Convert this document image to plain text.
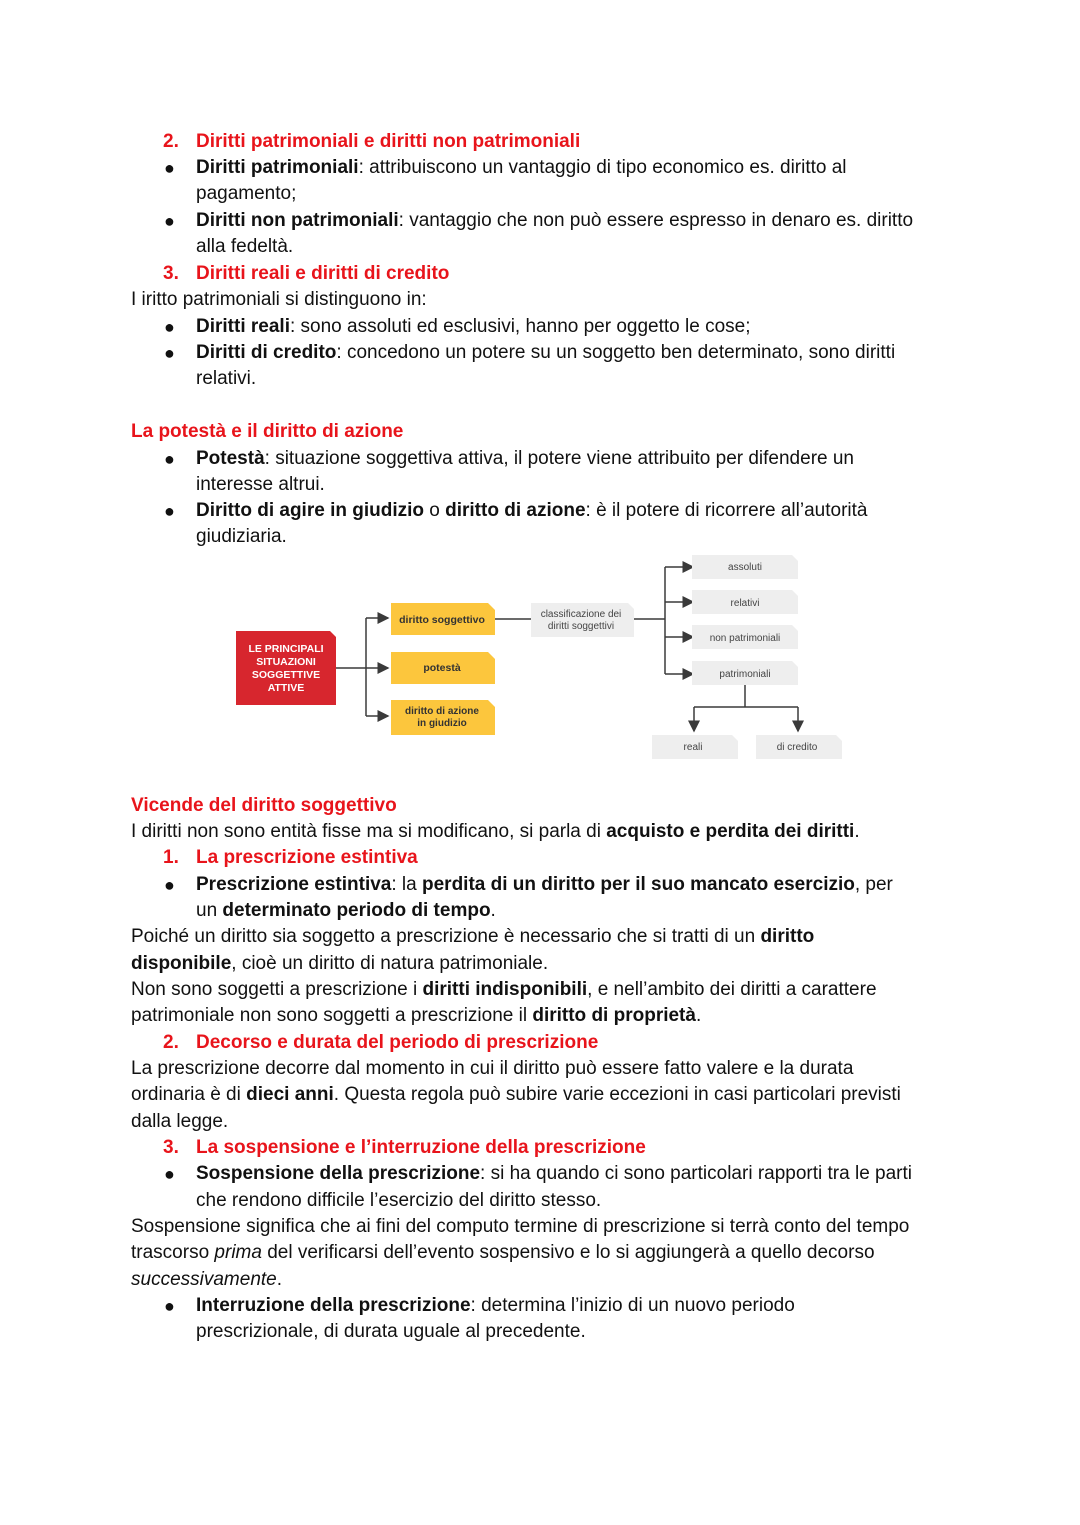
2. Diritti patrimoniali e diritti non patrimoniali
● Diritti patrimoniali: attribuiscono un vantaggio di tipo economico es. diritto al
pagamento;
● Diritti non patrimoniali: vantaggio che non può essere espresso in denaro es. diritto
alla fedeltà.
3. Diritti reali e diritti di credito
I iritto patrimoniali si distinguono in:
● Diritti reali: sono assoluti ed esclusivi, hanno per oggetto le cose;
● Diritti di credito: concedono un potere su un soggetto ben determinato, sono diritti
relativi.
La potestà e il diritto di azione
● Potestà: situazione soggettiva attiva, il potere viene attribuito per difendere un
interesse altrui.
● Diritto di agire in giudizio o diritto di azione: è il potere di ricorrere all’autorità
giudiziaria.
LE PRINCIPALI
SITUAZIONI
SOGGETTIVE
ATTIVE
diritto soggettivo
potestà
diritto di azione
in giudizio
classificazione dei
diritti soggettivi
assoluti
relativi
non patrimoniali
patrimoniali
reali	di credito
Vicende del diritto soggettivo
I diritti non sono entità fisse ma si modificano, si parla di acquisto e perdita dei diritti.
1. La prescrizione estintiva
● Prescrizione estintiva: la perdita di un diritto per il suo mancato esercizio, per
un determinato periodo di tempo.
Poiché un diritto sia soggetto a prescrizione è necessario che si tratti di un diritto
disponibile, cioè un diritto di natura patrimoniale.
Non sono soggetti a prescrizione i diritti indisponibili, e nell’ambito dei diritti a carattere
patrimoniale non sono soggetti a prescrizione il diritto di proprietà.
2. Decorso e durata del periodo di prescrizione
La prescrizione decorre dal momento in cui il diritto può essere fatto valere e la durata
ordinaria è di dieci anni. Questa regola può subire varie eccezioni in casi particolari previsti
dalla legge.
3. La sospensione e l’interruzione della prescrizione
● Sospensione della prescrizione: si ha quando ci sono particolari rapporti tra le parti
che rendono difficile l’esercizio del diritto stesso.
Sospensione significa che ai fini del computo termine di prescrizione si terrà conto del tempo
trascorso prima del verificarsi dell’evento sospensivo e lo si aggiungerà a quello decorso
successivamente.
● Interruzione della prescrizione: determina l’inizio di un nuovo periodo
prescrizionale, di durata uguale al precedente.
